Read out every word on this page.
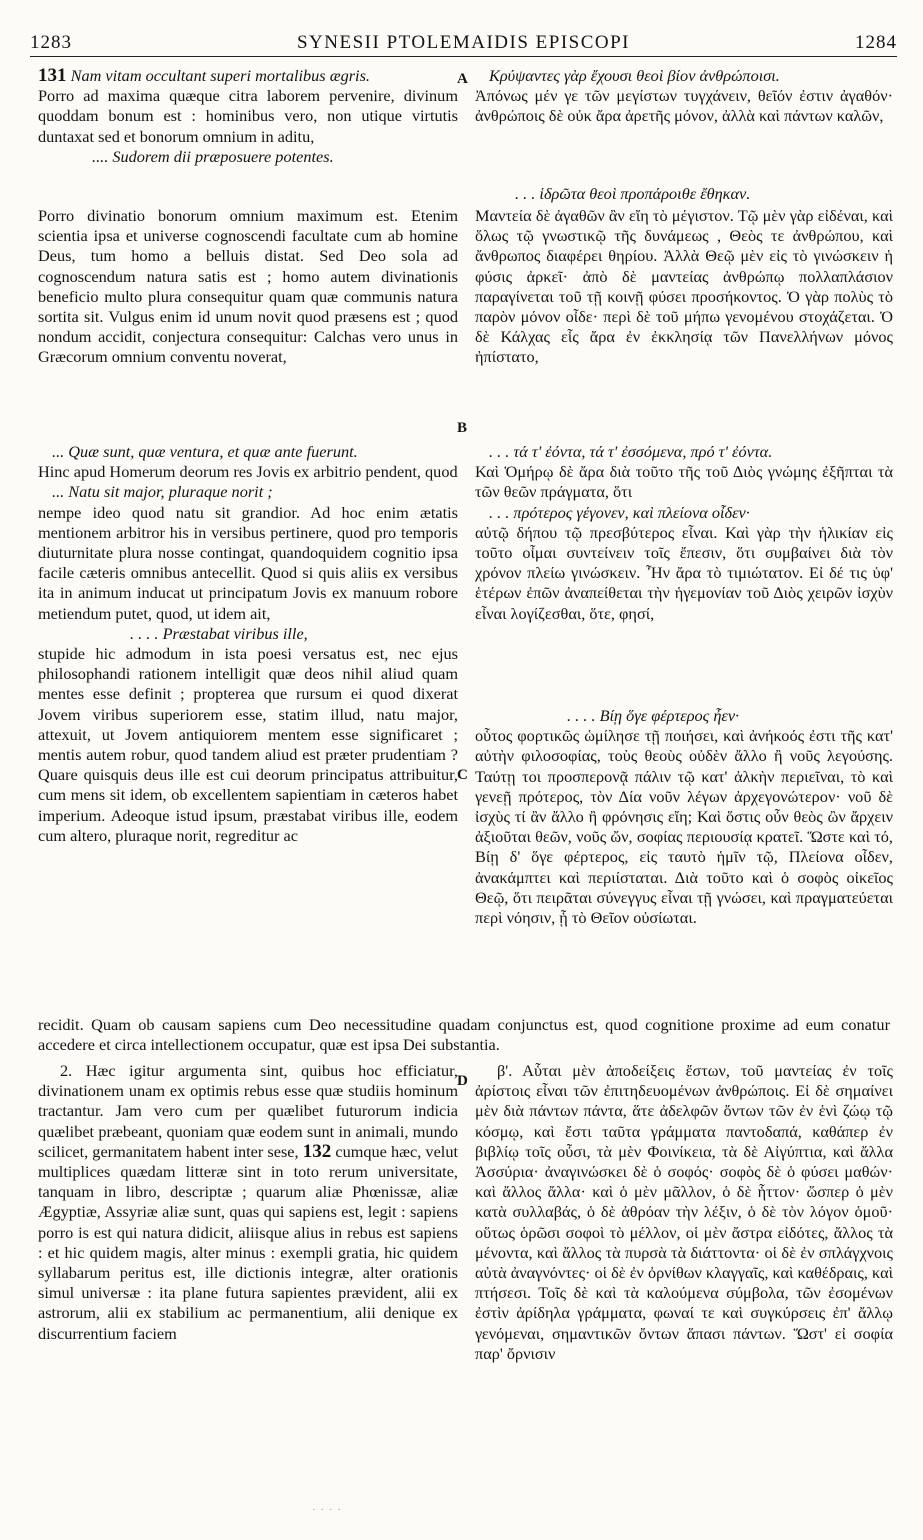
1283	SYNESII PTOLEMAIDIS EPISCOPI	1284
A
B
C
D

131 Nam vitam occultant superi mortalibus ægris.

Porro ad maxima quæque citra laborem pervenire, divinum quoddam bonum est : hominibus vero, non utique virtutis duntaxat sed et bonorum omnium in aditu,

.... Sudorem dii præposuere potentes.

Porro divinatio bonorum omnium maximum est. Etenim scientia ipsa et universe cognoscendi facultate cum ab homine Deus, tum homo a belluis distat. Sed Deo sola ad cognoscendum natura satis est ; homo autem divinationis beneficio multo plura consequitur quam quæ communis natura sortita sit. Vulgus enim id unum novit quod præsens est ; quod nondum accidit, conjectura consequitur: Calchas vero unus in Græcorum omnium conventu noverat,

... Quæ sunt, quæ ventura, et quæ ante fuerunt.

Hinc apud Homerum deorum res Jovis ex arbitrio pendent, quod

... Natu sit major, pluraque norit ;

nempe ideo quod natu sit grandior. Ad hoc enim ætatis mentionem arbitror his in versibus pertinere, quod pro temporis diuturnitate plura nosse contingat, quandoquidem cognitio ipsa facile cæteris omnibus antecellit. Quod si quis aliis ex versibus ita in animum inducat ut principatum Jovis ex manuum robore metiendum putet, quod, ut idem ait,

. . . . Præstabat viribus ille,

stupide hic admodum in ista poesi versatus est, nec ejus philosophandi rationem intelligit quæ deos nihil aliud quam mentes esse definit ; propterea que rursum ei quod dixerat Jovem viribus superiorem esse, statim illud, natu major, attexuit, ut Jovem antiquiorem mentem esse significaret ; mentis autem robur, quod tandem aliud est præter prudentiam ? Quare quisquis deus ille est cui deorum principatus attribuitur, cum mens sit idem, ob excellentem sapientiam in cæteros habet imperium. Adeoque istud ipsum, præstabat viribus ille, eodem cum altero, pluraque norit, regreditur ac

2. Hæc igitur argumenta sint, quibus hoc efficiatur, divinationem unam ex optimis rebus esse quæ studiis hominum tractantur. Jam vero cum per quælibet futurorum indicia quælibet præbeant, quoniam quæ eodem sunt in animali, mundo scilicet, germanitatem habent inter sese, 132 cumque hæc, velut multiplices quædam litteræ sint in toto rerum universitate, tanquam in libro, descriptæ ; quarum aliæ Phœnissæ, aliæ Ægyptiæ, Assyriæ aliæ sunt, quas qui sapiens est, legit : sapiens porro is est qui natura didicit, aliisque alius in rebus est sapiens : et hic quidem magis, alter minus : exempli gratia, hic quidem syllabarum peritus est, ille dictionis integræ, alter orationis simul universæ : ita plane futura sapientes prævident, alii ex astrorum, alii ex stabilium ac permanentium, alii denique ex discurrentium faciem

recidit. Quam ob causam sapiens cum Deo necessitudine quadam conjunctus est, quod cognitione proxime ad eum conatur accedere et circa intellectionem occupatur, quæ est ipsa Dei substantia.

Κρύψαντες γὰρ ἔχουσι θεοὶ βίον ἀνθρώποισι.

Ἀπόνως μέν γε τῶν μεγίστων τυγχάνειν, θεῖόν ἐστιν ἀγαθόν· ἀνθρώποις δὲ οὐκ ἄρα ἀρετῆς μόνον, ἀλλὰ καὶ πάντων καλῶν,

. . . ἱδρῶτα θεοὶ προπάροιθε ἔθηκαν.

Μαντεία δὲ ἀγαθῶν ἂν εἴη τὸ μέγιστον. Τῷ μὲν γὰρ εἰδέναι, καὶ ὅλως τῷ γνωστικῷ τῆς δυνάμεως , Θεὸς τε ἀνθρώπου, καὶ ἄνθρωπος διαφέρει θηρίου. Ἀλλὰ Θεῷ μὲν εἰς τὸ γινώσκειν ἡ φύσις ἀρκεῖ· ἀπὸ δὲ μαντείας ἀνθρώπῳ πολλαπλάσιον παραγίνεται τοῦ τῇ κοινῇ φύσει προσήκοντος. Ὁ γὰρ πολὺς τὸ παρὸν μόνον οἶδε· περὶ δὲ τοῦ μήπω γενομένου στοχάζεται. Ὁ δὲ Κάλχας εἷς ἄρα ἐν ἐκκλησίᾳ τῶν Πανελλήνων μόνος ἠπίστατο,

. . . τά τ' ἐόντα, τά τ' ἐσσόμενα, πρό τ' ἐόντα.

Καὶ Ὁμήρῳ δὲ ἄρα διὰ τοῦτο τῆς τοῦ Διὸς γνώμης ἐξῆπται τὰ τῶν θεῶν πράγματα, ὅτι

. . . πρότερος γέγονεν, καὶ πλείονα οἶδεν·

αὐτῷ δήπου τῷ πρεσβύτερος εἶναι. Καὶ γὰρ τὴν ἡλικίαν εἰς τοῦτο οἶμαι συντείνειν τοῖς ἔπεσιν, ὅτι συμβαίνει διὰ τὸν χρόνον πλείω γινώσκειν. Ἦν ἄρα τὸ τιμιώτατον. Εἰ δέ τις ὑφ' ἑτέρων ἐπῶν ἀναπείθεται τὴν ἡγεμονίαν τοῦ Διὸς χειρῶν ἰσχὺν εἶναι λογίζεσθαι, ὅτε, φησί,

. . . . Βίῃ ὅγε φέρτερος ἦεν·

οὗτος φορτικῶς ὡμίλησε τῇ ποιήσει, καὶ ἀνήκοός ἐστι τῆς κατ' αὐτὴν φιλοσοφίας, τοὺς θεοὺς οὐδὲν ἄλλο ἢ νοῦς λεγούσης. Ταύτῃ τοι προσπερονᾷ πάλιν τῷ κατ' ἀλκὴν περιεῖναι, τὸ καὶ γενεῇ πρότερος, τὸν Δία νοῦν λέγων ἀρχεγονώτερον· νοῦ δὲ ἰσχὺς τί ἂν ἄλλο ἢ φρόνησις εἴη; Καὶ ὅστις οὖν θεὸς ὢν ἄρχειν ἀξιοῦται θεῶν, νοῦς ὤν, σοφίας περιουσίᾳ κρατεῖ. Ὥστε καὶ τό, Βίῃ δ' ὅγε φέρτερος, εἰς ταυτὸ ἡμῖν τῷ, Πλείονα οἶδεν, ἀνακάμπτει καὶ περιίσταται. Διὰ τοῦτο καὶ ὁ σοφὸς οἰκεῖος Θεῷ, ὅτι πειρᾶται σύνεγγυς εἶναι τῇ γνώσει, καὶ πραγματεύεται περὶ νόησιν, ᾗ τὸ Θεῖον οὐσίωται.

β'. Αὗται μὲν ἀποδείξεις ἔστων, τοῦ μαντείας ἐν τοῖς ἀρίστοις εἶναι τῶν ἐπιτηδευομένων ἀνθρώποις. Εἰ δὲ σημαίνει μὲν διὰ πάντων πάντα, ἅτε ἀδελφῶν ὄντων τῶν ἐν ἑνὶ ζώῳ τῷ κόσμῳ, καὶ ἔστι ταῦτα γράμματα παντοδαπά, καθάπερ ἐν βιβλίῳ τοῖς οὖσι, τὰ μὲν Φοινίκεια, τὰ δὲ Αἰγύπτια, καὶ ἄλλα Ἀσσύρια· ἀναγινώσκει δὲ ὁ σοφός· σοφὸς δὲ ὁ φύσει μαθών· καὶ ἄλλος ἄλλα· καὶ ὁ μὲν μᾶλλον, ὁ δὲ ἧττον· ὥσπερ ὁ μὲν κατὰ συλλαβάς, ὁ δὲ ἀθρόαν τὴν λέξιν, ὁ δὲ τὸν λόγον ὁμοῦ· οὕτως ὁρῶσι σοφοὶ τὸ μέλλον, οἱ μὲν ἄστρα εἰδότες, ἄλλος τὰ μένοντα, καὶ ἄλλος τὰ πυρσὰ τὰ διάττοντα· οἱ δὲ ἐν σπλάγχνοις αὐτὰ ἀναγνόντες· οἱ δὲ ἐν ὀρνίθων κλαγγαῖς, καὶ καθέδραις, καὶ πτήσεσι. Τοῖς δὲ καὶ τὰ καλούμενα σύμβολα, τῶν ἐσομένων ἐστὶν ἀρίδηλα γράμματα, φωναί τε καὶ συγκύρσεις ἐπ' ἄλλῳ γενόμεναι, σημαντικῶν ὄντων ἅπασι πάντων. Ὥστ' εἰ σοφία παρ' ὄρνισιν

· · · ·
